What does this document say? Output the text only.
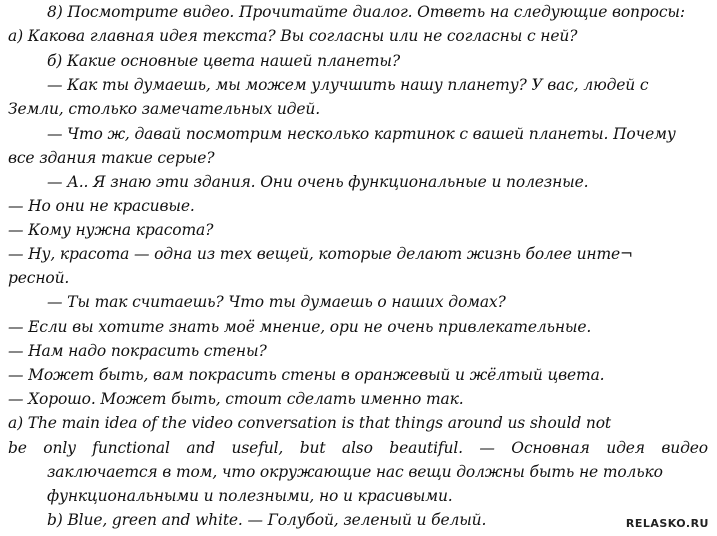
8) Посмотрите видео. Прочитайте диалог. Ответь на следующие вопросы:
a) Какова главная идея текста? Вы согласны или не согласны с ней?
б) Какие основные цвета нашей планеты?
— Как ты думаешь, мы можем улучшить нашу планету? У вас, людей с
Земли, столько замечательных идей.
— Что ж, давай посмотрим несколько картинок с вашей планеты. Почему
все здания такие серые?
— А.. Я знаю эти здания. Они очень функциональные и полезные.
— Но они не красивые.
— Кому нужна красота?
— Ну, красота — одна из тех вещей, которые делают жизнь более инте¬
ресной.
— Ты так считаешь? Что ты думаешь о наших домах?
— Если вы хотите знать моё мнение, ори не очень привлекательные.
— Нам надо покрасить стены?
— Может быть, вам покрасить стены в оранжевый и жёлтый цвета.
— Хорошо. Может быть, стоит сделать именно так.
a) The main idea of the video conversation is that things around us should not
be only functional and useful, but also beautiful. — Основная идея видео
заключается в том, что окружающие нас вещи должны быть не только
функциональными и полезными, но и красивыми.
b) Blue, green and white. — Голубой, зеленый и белый.	RELASKO.RU
